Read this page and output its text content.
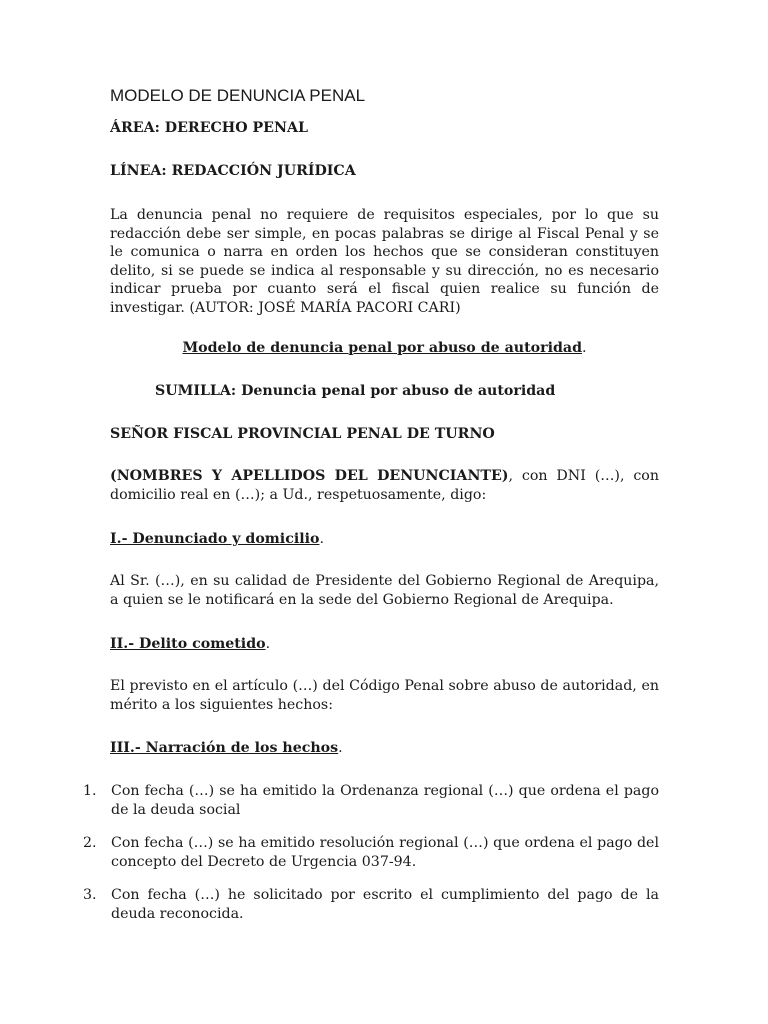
MODELO DE DENUNCIA PENAL

ÁREA: DERECHO PENAL

LÍNEA: REDACCIÓN JURÍDICA

La denuncia penal no requiere de requisitos especiales, por lo que su redacción debe ser simple, en pocas palabras se dirige al Fiscal Penal y se le comunica o narra en orden los hechos que se consideran constituyen delito, si se puede se indica al responsable y su dirección, no es necesario indicar prueba por cuanto será el fiscal quien realice su función de investigar. (AUTOR: JOSÉ MARÍA PACORI CARI)

Modelo de denuncia penal por abuso de autoridad.

SUMILLA: Denuncia penal por abuso de autoridad

SEÑOR FISCAL PROVINCIAL PENAL DE TURNO

(NOMBRES Y APELLIDOS DEL DENUNCIANTE), con DNI (…), con domicilio real en (…); a Ud., respetuosamente, digo:

I.- Denunciado y domicilio.

Al Sr. (…), en su calidad de Presidente del Gobierno Regional de Arequipa, a quien se le notificará en la sede del Gobierno Regional de Arequipa.

II.- Delito cometido.

El previsto en el artículo (…) del Código Penal sobre abuso de autoridad, en mérito a los siguientes hechos:

III.- Narración de los hechos.

1. Con fecha (…) se ha emitido la Ordenanza regional (…) que ordena el pago de la deuda social
2. Con fecha (…) se ha emitido resolución regional (…) que ordena el pago del concepto del Decreto de Urgencia 037-94.
3. Con fecha (…) he solicitado por escrito el cumplimiento del pago de la deuda reconocida.
